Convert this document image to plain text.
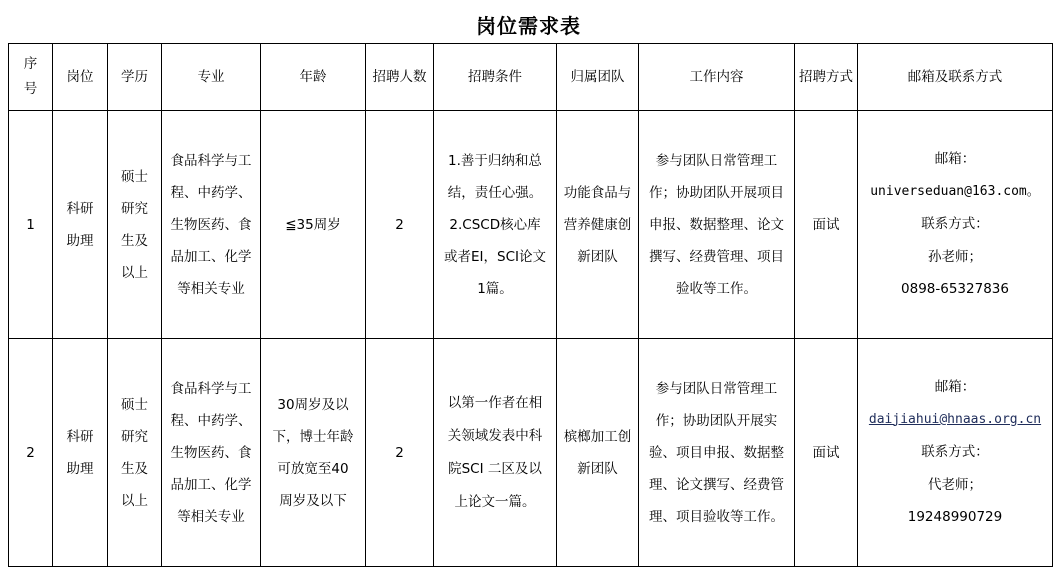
岗位需求表
序号	岗位	学历	专业	年龄	招聘人数	招聘条件	归属团队	工作内容	招聘方式	邮箱及联系方式
1	科研助理	硕士研究生及以上	食品科学与工程、中药学、生物医药、食品加工、化学等相关专业	≦35周岁	2	1.善于归纳和总结，责任心强。2.CSCD核心库或者EI，SCI论文1篇。	功能食品与营养健康创新团队	参与团队日常管理工作；协助团队开展项目申报、数据整理、论文撰写、经费管理、项目验收等工作。	面试	邮箱：
universeduan@163.com。
联系方式：
孙老师；
0898-65327836

2	科研助理	硕士研究生及以上	食品科学与工程、中药学、生物医药、食品加工、化学等相关专业	30周岁及以下，博士年龄可放宽至40周岁及以下	2	以第一作者在相关领域发表中科院SCI 二区及以上论文一篇。	槟榔加工创新团队	参与团队日常管理工作；协助团队开展实验、项目申报、数据整理、论文撰写、经费管理、项目验收等工作。	面试	邮箱：
daijiahui@hnaas.org.cn
联系方式：
代老师；
19248990729
